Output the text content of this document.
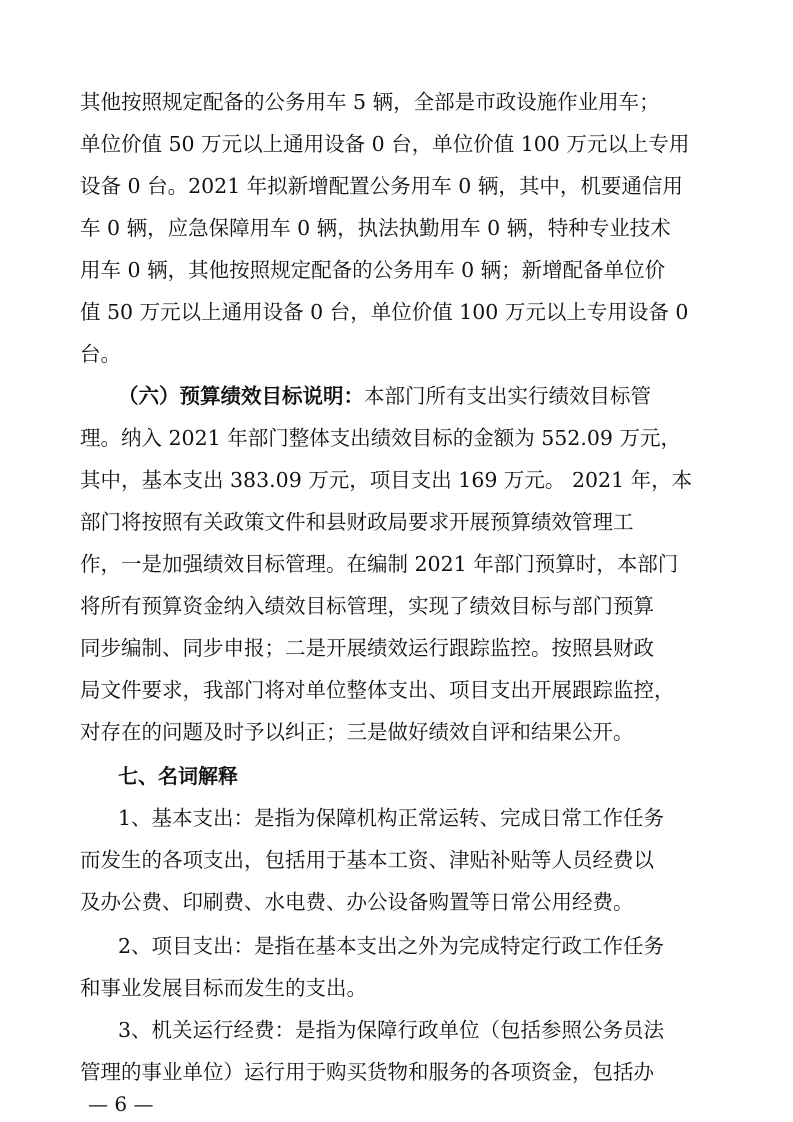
其他按照规定配备的公务用车 5 辆，全部是市政设施作业用车；
单位价值 50 万元以上通用设备 0 台，单位价值 100 万元以上专用
设备 0 台。2021 年拟新增配置公务用车 0 辆，其中，机要通信用
车 0 辆，应急保障用车 0 辆，执法执勤用车 0 辆，特种专业技术
用车 0 辆，其他按照规定配备的公务用车 0 辆；新增配备单位价
值 50 万元以上通用设备 0 台，单位价值 100 万元以上专用设备 0
台。
（六）预算绩效目标说明：本部门所有支出实行绩效目标管
理。纳入 2021 年部门整体支出绩效目标的金额为 552.09 万元，
其中，基本支出 383.09 万元，项目支出 169 万元。 2021 年，本
部门将按照有关政策文件和县财政局要求开展预算绩效管理工
作，一是加强绩效目标管理。在编制 2021 年部门预算时，本部门
将所有预算资金纳入绩效目标管理，实现了绩效目标与部门预算
同步编制、同步申报；二是开展绩效运行跟踪监控。按照县财政
局文件要求，我部门将对单位整体支出、项目支出开展跟踪监控，
对存在的问题及时予以纠正；三是做好绩效自评和结果公开。
七、名词解释
1、基本支出：是指为保障机构正常运转、完成日常工作任务
而发生的各项支出，包括用于基本工资、津贴补贴等人员经费以
及办公费、印刷费、水电费、办公设备购置等日常公用经费。
2、项目支出：是指在基本支出之外为完成特定行政工作任务
和事业发展目标而发生的支出。
3、机关运行经费：是指为保障行政单位（包括参照公务员法
管理的事业单位）运行用于购买货物和服务的各项资金，包括办
— 6 —
